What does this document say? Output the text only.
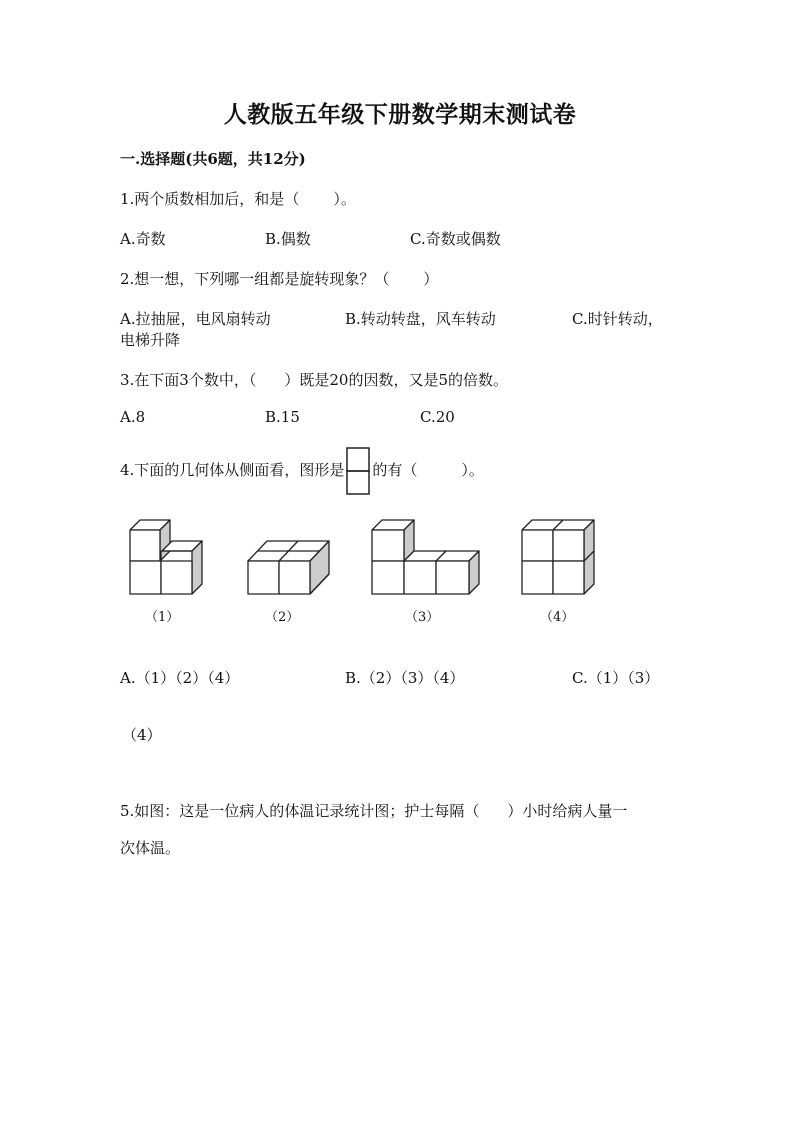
人教版五年级下册数学期末测试卷
一.选择题(共6题，共12分)
1.两个质数相加后，和是（ ）。
A.奇数	B.偶数	C.奇数或偶数
2.想一想，下列哪一组都是旋转现象？（ ）
A.拉抽屉，电风扇转动	B.转动转盘，风车转动	C.时针转动，
电梯升降
3.在下面3个数中，（ ）既是20的因数，又是5的倍数。
A.8	B.15	C.20
4.下面的几何体从侧面看，图形是 的有（	）。
（1）	（2）	（3）	（4）
A.（1）（2）（4）	B.（2）（3）（4）	C.（1）（3）
（4）
5.如图：这是一位病人的体温记录统计图；护士每隔（ ）小时给病人量一
次体温。
